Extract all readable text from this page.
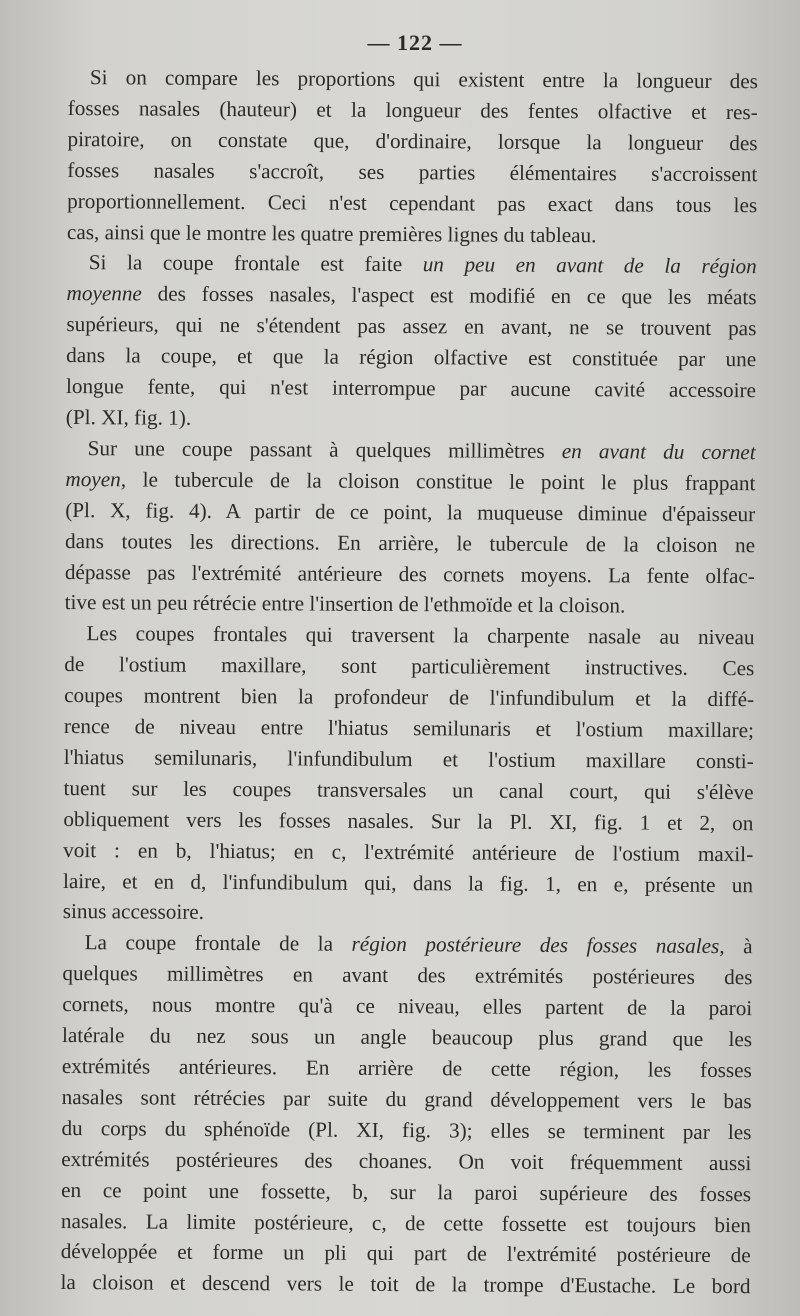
— 122 —

Si on compare les proportions qui existent entre la longueur des
fosses nasales (hauteur) et la longueur des fentes olfactive et res-
piratoire, on constate que, d'ordinaire, lorsque la longueur des
fosses nasales s'accroît, ses parties élémentaires s'accroissent
proportionnellement. Ceci n'est cependant pas exact dans tous les
cas, ainsi que le montre les quatre premières lignes du tableau.

Si la coupe frontale est faite un peu en avant de la région
moyenne des fosses nasales, l'aspect est modifié en ce que les méats
supérieurs, qui ne s'étendent pas assez en avant, ne se trouvent pas
dans la coupe, et que la région olfactive est constituée par une
longue fente, qui n'est interrompue par aucune cavité accessoire
(Pl. XI, fig. 1).

Sur une coupe passant à quelques millimètres en avant du cornet
moyen, le tubercule de la cloison constitue le point le plus frappant
(Pl. X, fig. 4). A partir de ce point, la muqueuse diminue d'épaisseur
dans toutes les directions. En arrière, le tubercule de la cloison ne
dépasse pas l'extrémité antérieure des cornets moyens. La fente olfac-
tive est un peu rétrécie entre l'insertion de l'ethmoïde et la cloison.

Les coupes frontales qui traversent la charpente nasale au niveau
de l'ostium maxillare, sont particulièrement instructives. Ces
coupes montrent bien la profondeur de l'infundibulum et la diffé-
rence de niveau entre l'hiatus semilunaris et l'ostium maxillare;
l'hiatus semilunaris, l'infundibulum et l'ostium maxillare consti-
tuent sur les coupes transversales un canal court, qui s'élève
obliquement vers les fosses nasales. Sur la Pl. XI, fig. 1 et 2, on
voit : en b, l'hiatus; en c, l'extrémité antérieure de l'ostium maxil-
laire, et en d, l'infundibulum qui, dans la fig. 1, en e, présente un
sinus accessoire.

La coupe frontale de la région postérieure des fosses nasales, à
quelques millimètres en avant des extrémités postérieures des
cornets, nous montre qu'à ce niveau, elles partent de la paroi
latérale du nez sous un angle beaucoup plus grand que les
extrémités antérieures. En arrière de cette région, les fosses
nasales sont rétrécies par suite du grand développement vers le bas
du corps du sphénoïde (Pl. XI, fig. 3); elles se terminent par les
extrémités postérieures des choanes. On voit fréquemment aussi
en ce point une fossette, b, sur la paroi supérieure des fosses
nasales. La limite postérieure, c, de cette fossette est toujours bien
développée et forme un pli qui part de l'extrémité postérieure de
la cloison et descend vers le toit de la trompe d'Eustache. Le bord
